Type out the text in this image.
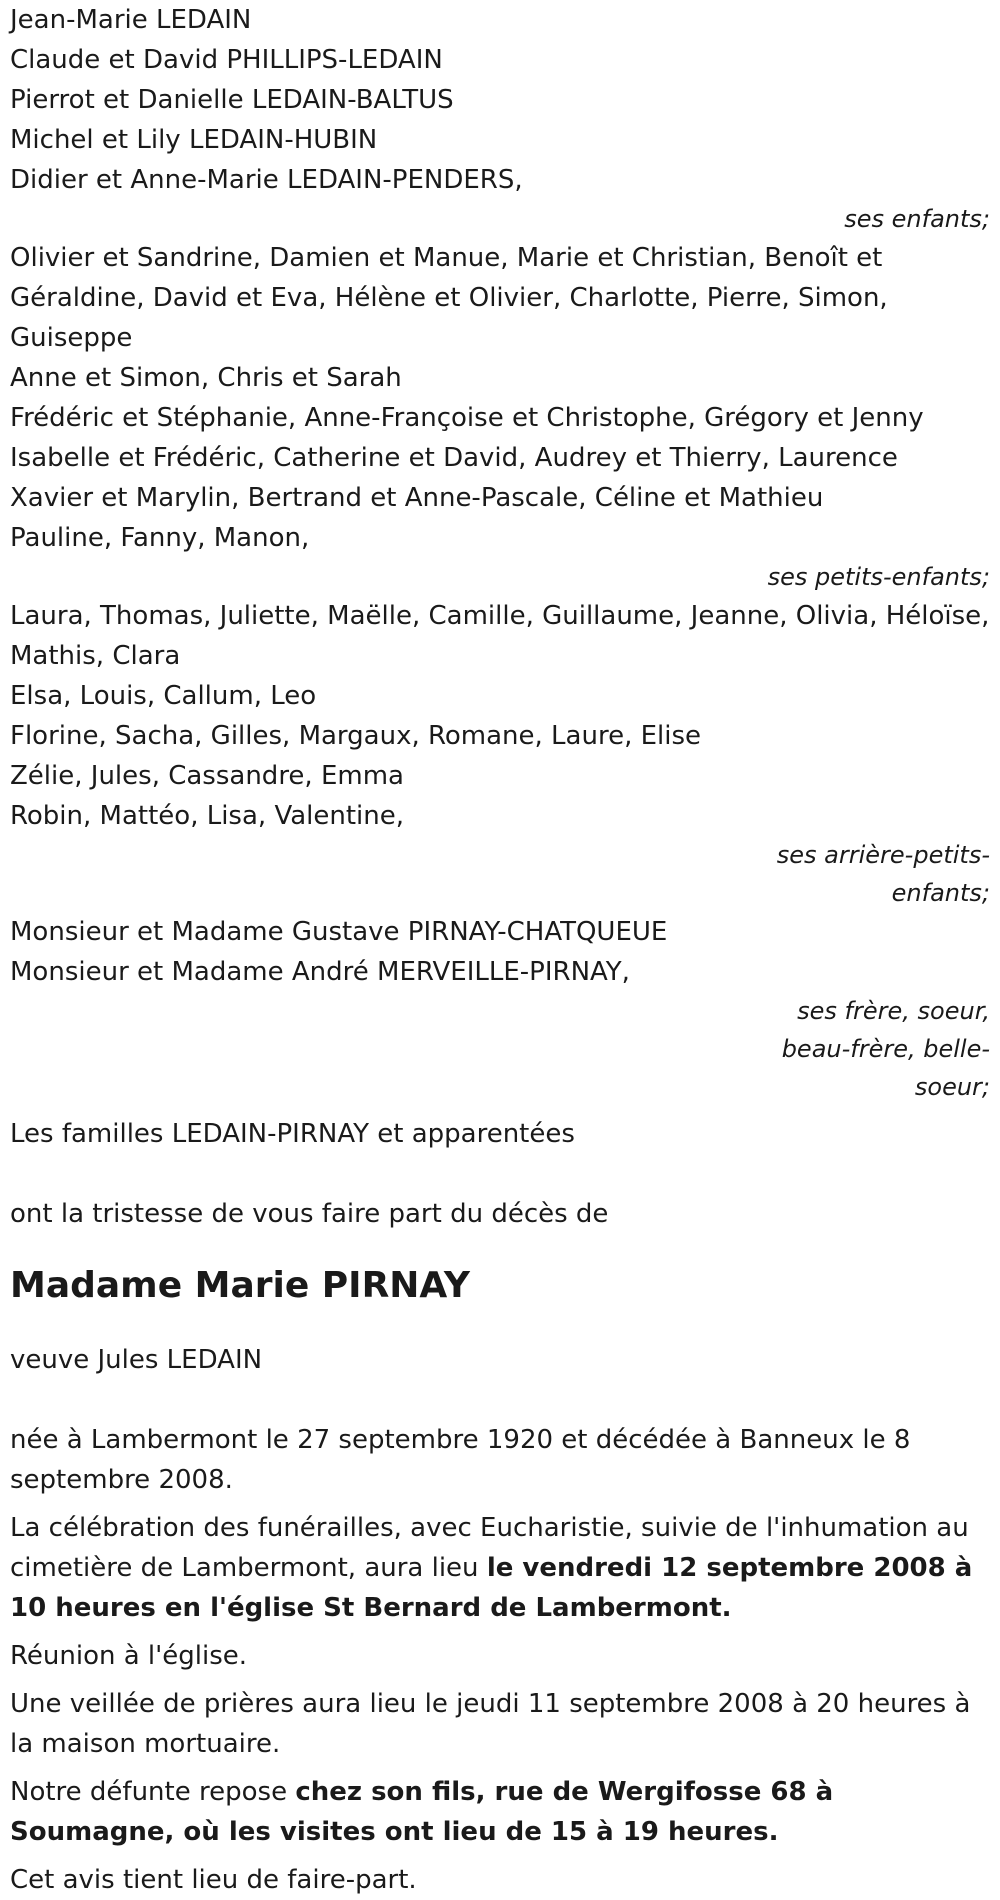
Jean-Marie LEDAIN
Claude et David PHILLIPS-LEDAIN
Pierrot et Danielle LEDAIN-BALTUS
Michel et Lily LEDAIN-HUBIN
Didier et Anne-Marie LEDAIN-PENDERS,
ses enfants;
Olivier et Sandrine, Damien et Manue, Marie et Christian, Benoît et Géraldine, David et Eva, Hélène et Olivier, Charlotte, Pierre, Simon, Guiseppe
Anne et Simon, Chris et Sarah
Frédéric et Stéphanie, Anne-Françoise et Christophe, Grégory et Jenny
Isabelle et Frédéric, Catherine et David, Audrey et Thierry, Laurence
Xavier et Marylin, Bertrand et Anne-Pascale, Céline et Mathieu
Pauline, Fanny, Manon,
ses petits-enfants;
Laura, Thomas, Juliette, Maëlle, Camille, Guillaume, Jeanne, Olivia, Héloïse, Mathis, Clara
Elsa, Louis, Callum, Leo
Florine, Sacha, Gilles, Margaux, Romane, Laure, Elise
Zélie, Jules, Cassandre, Emma
Robin, Mattéo, Lisa, Valentine,
ses arrière-petits-enfants;
Monsieur et Madame Gustave PIRNAY-CHATQUEUE
Monsieur et Madame André MERVEILLE-PIRNAY,
ses frère, soeur, beau-frère, belle-soeur;
Les familles LEDAIN-PIRNAY et apparentées
ont la tristesse de vous faire part du décès de
Madame Marie PIRNAY
veuve Jules LEDAIN

née à Lambermont le 27 septembre 1920 et décédée à Banneux le 8 septembre 2008.

La célébration des funérailles, avec Eucharistie, suivie de l'inhumation au cimetière de Lambermont, aura lieu le vendredi 12 septembre 2008 à 10 heures en l'église St Bernard de Lambermont.

Réunion à l'église.

Une veillée de prières aura lieu le jeudi 11 septembre 2008 à 20 heures à la maison mortuaire.

Notre défunte repose chez son fils, rue de Wergifosse 68 à Soumagne, où les visites ont lieu de 15 à 19 heures.

Cet avis tient lieu de faire-part.
